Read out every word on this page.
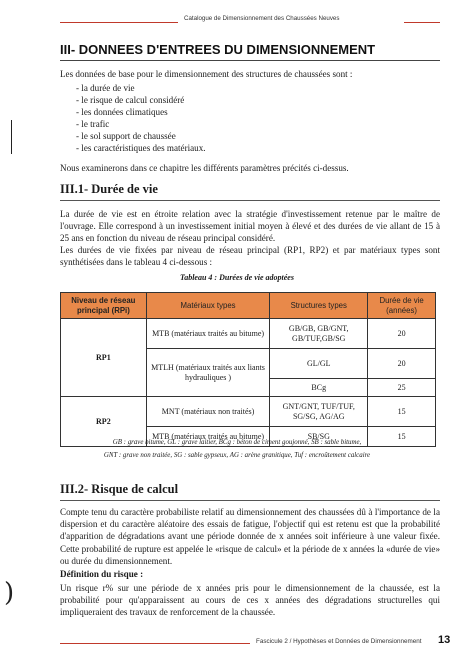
Catalogue de Dimensionnement des Chaussées Neuves
III- DONNEES D'ENTREES DU DIMENSIONNEMENT
Les données de base pour le dimensionnement des structures de chaussées sont :
- la durée de vie
- le risque de calcul considéré
- les données climatiques
- le trafic
- le sol support de chaussée
- les caractéristiques des matériaux.
Nous examinerons dans ce chapitre les différents paramètres précités ci-dessus.
III.1- Durée de vie
La durée de vie est en étroite relation avec la stratégie d'investissement retenue par le maître de l'ouvrage. Elle correspond à un investissement initial moyen à élevé et des durées de vie allant de 15 à 25 ans en fonction du niveau de réseau principal considéré.
Les durées de vie fixées par niveau de réseau principal (RP1, RP2) et par matériaux types sont synthétisées dans le tableau 4 ci-dessous :
Tableau 4 : Durées de vie adoptées
Niveau de réseau principal (RPi)	Matériaux types	Structures types	Durée de vie (années)
RP1	MTB (matériaux traités au bitume)	GB/GB, GB/GNT, GB/TUF,GB/SG	20
	MTLH (matériaux traités aux liants hydrauliques )	GL/GL	20
		BCg	25
RP2	MNT (matériaux non traités)	GNT/GNT, TUF/TUF, SG/SG, AG/AG	15
	MTB (matériaux traités au bitume)	SB/SG	15
GB : grave bitume, GL : grave laitier, BCg : béton de ciment goujonné, SB : sable bitume,
GNT : grave non traitée, SG : sable gypseux, AG : arène granitique, Tuf : encroûtement calcaire
III.2- Risque de calcul
Compte tenu du caractère probabiliste relatif au dimensionnement des chaussées dû à l'importance de la dispersion et du caractère aléatoire des essais de fatigue, l'objectif qui est retenu est que la probabilité d'apparition de dégradations avant une période donnée de x années soit inférieure à une valeur fixée. Cette probabilité de rupture est appelée le «risque de calcul» et la période de x années la «durée de vie» ou durée du dimensionnement.
Définition du risque :
Un risque r% sur une période de x années pris pour le dimensionnement de la chaussée, est la probabilité pour qu'apparaissent au cours de ces x années des dégradations structurelles qui impliqueraient des travaux de renforcement de la chaussée.
Fascicule 2 / Hypothèses et Données de Dimensionnement 13
)
